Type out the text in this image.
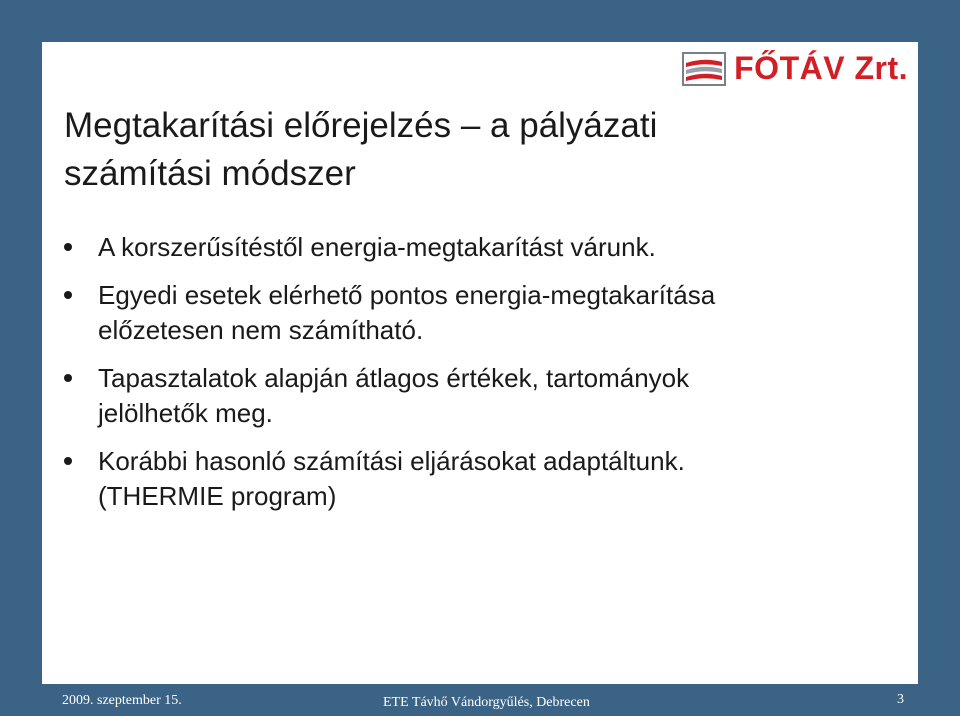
FŐTÁV Zrt.
Megtakarítási előrejelzés – a pályázati
számítási módszer
A korszerűsítéstől energia-megtakarítást várunk.
Egyedi esetek elérhető pontos energia-megtakarítása
előzetesen nem számítható.
Tapasztalatok alapján átlagos értékek, tartományok
jelölhetők meg.
Korábbi hasonló számítási eljárásokat adaptáltunk.
(THERMIE program)
2009. szeptember 15.	ETE Távhő Vándorgyűlés, Debrecen	3
